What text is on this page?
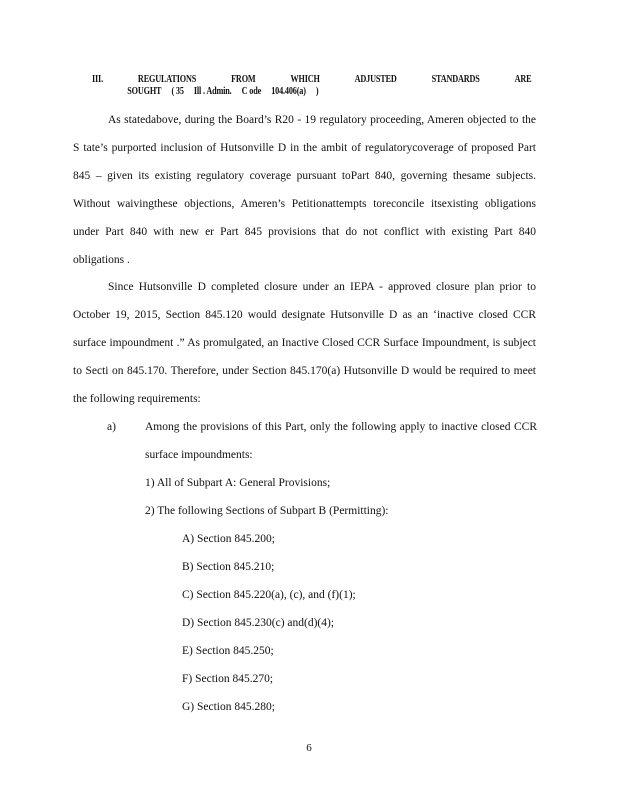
III.	REGULATIONS	FROM	WHICH	ADJUSTED	STANDARDS	ARE
SOUGHT ( 35 Ill . Admin. C ode 104.406(a) )
As statedabove, during the Board’s R20 - 19 regulatory proceeding, Ameren objected to the S tate’s purported inclusion of Hutsonville D in the ambit of regulatorycoverage of proposed Part 845 – given its existing regulatory coverage pursuant toPart 840, governing thesame subjects. Without waivingthese objections, Ameren’s Petitionattempts toreconcile itsexisting obligations under Part 840 with new er Part 845 provisions that do not conflict with existing Part 840 obligations .
Since Hutsonville D completed closure under an IEPA - approved closure plan prior to October 19, 2015, Section 845.120 would designate Hutsonville D as an ‘inactive closed CCR surface impoundment .” As promulgated, an Inactive Closed CCR Surface Impoundment, is subject to Secti on 845.170. Therefore, under Section 845.170(a) Hutsonville D would be required to meet the following requirements:
a)	Among the provisions of this Part, only the following apply to inactive closed CCR surface impoundments:
1) All of Subpart A: General Provisions;
2) The following Sections of Subpart B (Permitting):
A) Section 845.200;
B) Section 845.210;
C) Section 845.220(a), (c), and (f)(1);
D) Section 845.230(c) and(d)(4);
E) Section 845.250;
F) Section 845.270;
G) Section 845.280;
6
